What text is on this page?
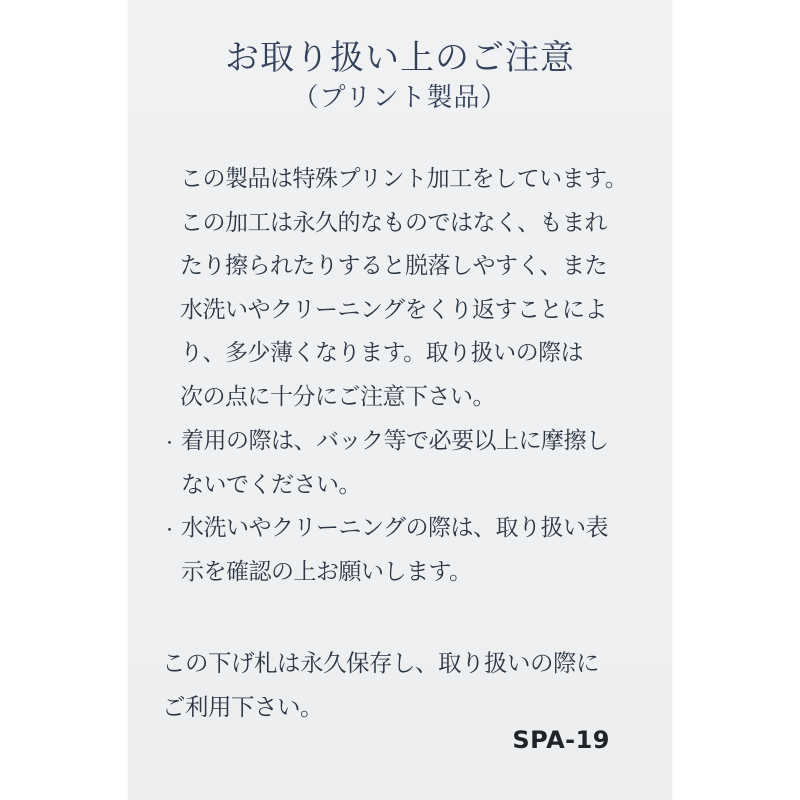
お取り扱い上のご注意
（プリント製品）
この製品は特殊プリント加工をしています。
この加工は永久的なものではなく、もまれ
たり擦られたりすると脱落しやすく、また
水洗いやクリーニングをくり返すことによ
り、多少薄くなります。取り扱いの際は
次の点に十分にご注意下さい。
・ 着用の際は、バック等で必要以上に摩擦し
ないでください。
・ 水洗いやクリーニングの際は、取り扱い表
示を確認の上お願いします。
この下げ札は永久保存し、取り扱いの際に
ご利用下さい。
SPA-19
